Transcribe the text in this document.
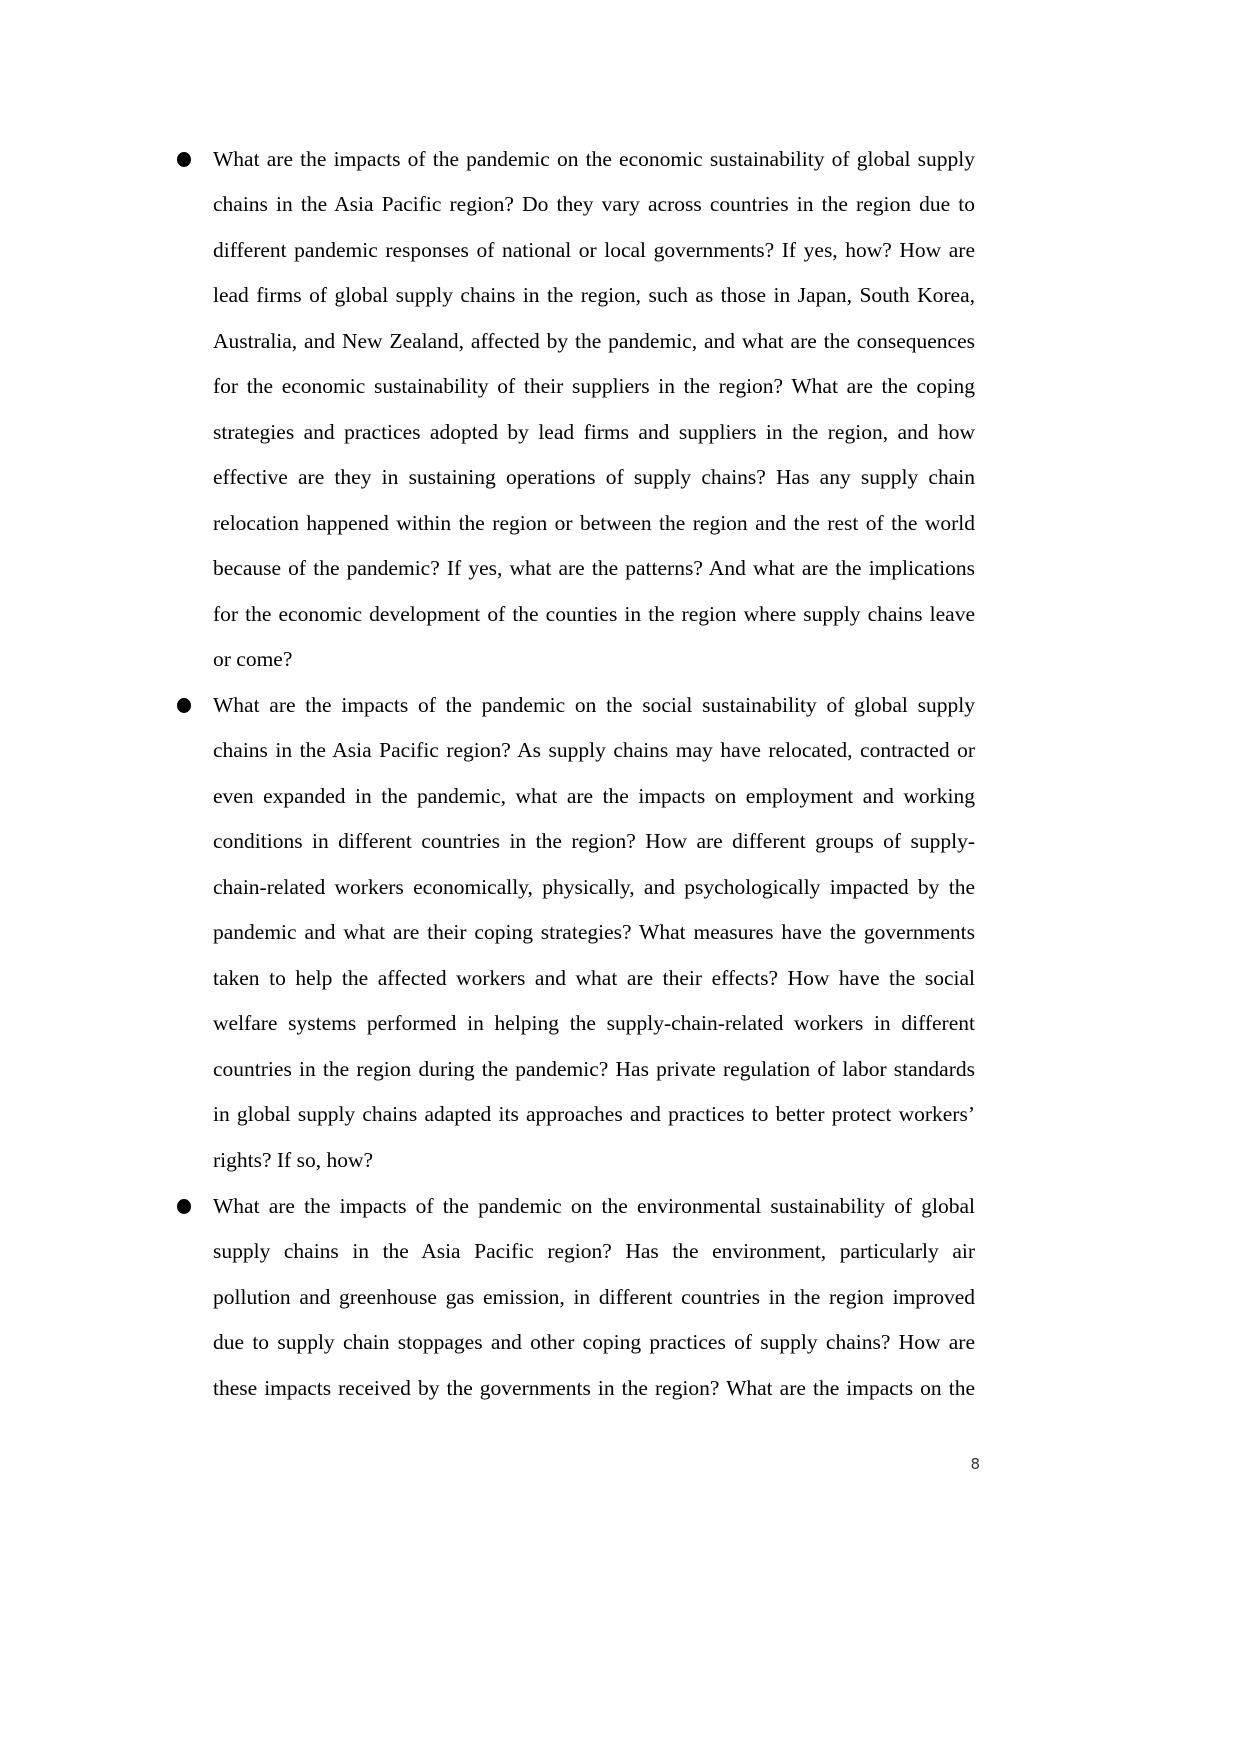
What are the impacts of the pandemic on the economic sustainability of global supply
chains in the Asia Pacific region? Do they vary across countries in the region due to
different pandemic responses of national or local governments? If yes, how? How are
lead firms of global supply chains in the region, such as those in Japan, South Korea,
Australia, and New Zealand, affected by the pandemic, and what are the consequences
for the economic sustainability of their suppliers in the region? What are the coping
strategies and practices adopted by lead firms and suppliers in the region, and how
effective are they in sustaining operations of supply chains? Has any supply chain
relocation happened within the region or between the region and the rest of the world
because of the pandemic? If yes, what are the patterns? And what are the implications
for the economic development of the counties in the region where supply chains leave
or come?
What are the impacts of the pandemic on the social sustainability of global supply
chains in the Asia Pacific region? As supply chains may have relocated, contracted or
even expanded in the pandemic, what are the impacts on employment and working
conditions in different countries in the region? How are different groups of supply-
chain-related workers economically, physically, and psychologically impacted by the
pandemic and what are their coping strategies? What measures have the governments
taken to help the affected workers and what are their effects? How have the social
welfare systems performed in helping the supply-chain-related workers in different
countries in the region during the pandemic? Has private regulation of labor standards
in global supply chains adapted its approaches and practices to better protect workers’
rights? If so, how?
What are the impacts of the pandemic on the environmental sustainability of global
supply chains in the Asia Pacific region? Has the environment, particularly air
pollution and greenhouse gas emission, in different countries in the region improved
due to supply chain stoppages and other coping practices of supply chains? How are
these impacts received by the governments in the region? What are the impacts on the
8
